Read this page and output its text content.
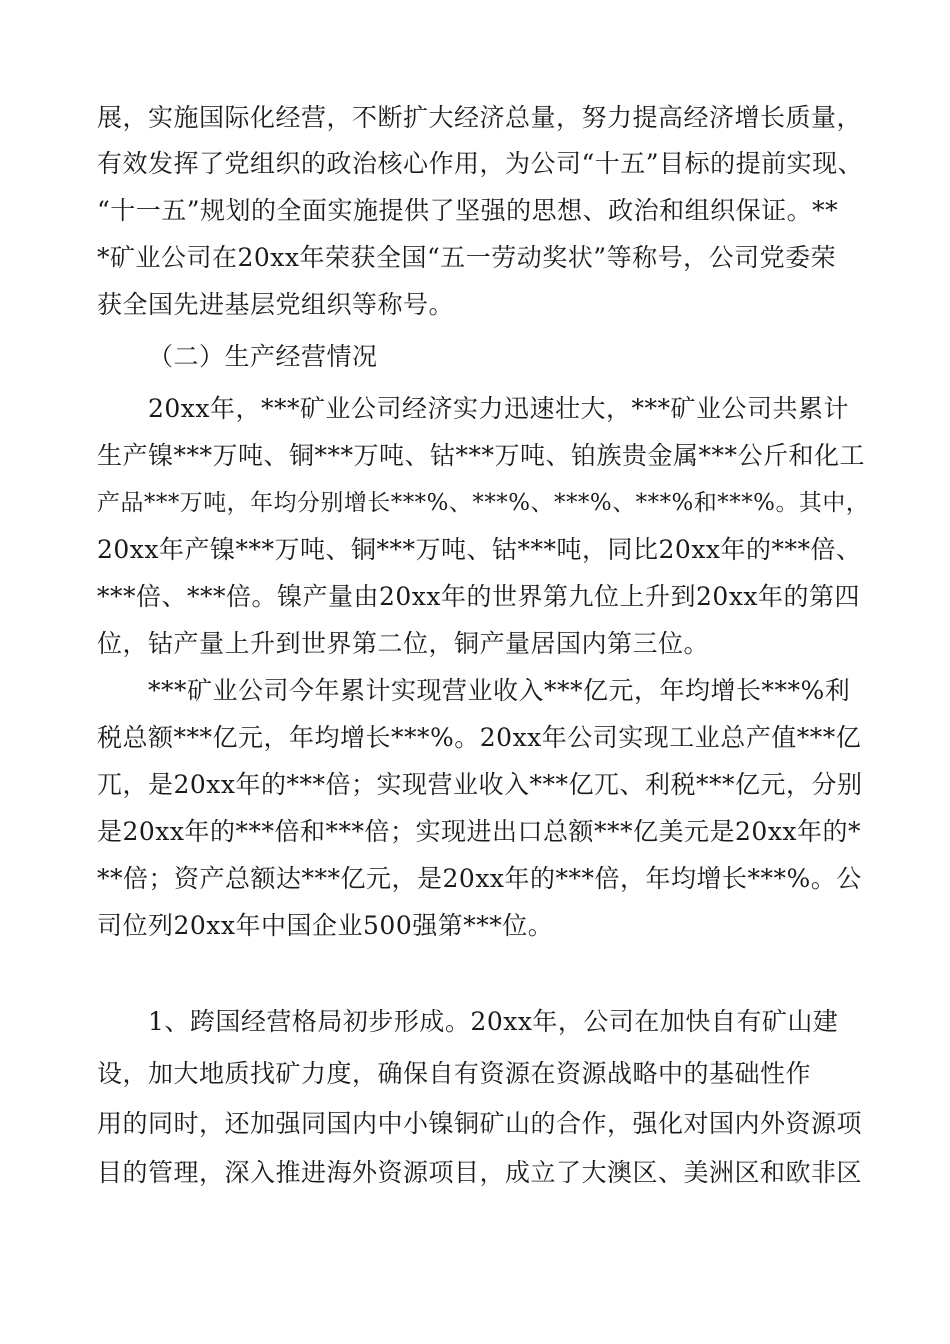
展，实施国际化经营，不断扩大经济总量，努力提高经济增长质量，
有效发挥了党组织的政治核心作用，为公司“十五”目标的提前实现、
“十一五”规划的全面实施提供了坚强的思想、政治和组织保证。**
*矿业公司在20xx年荣获全国“五一劳动奖状”等称号，公司党委荣
获全国先进基层党组织等称号。
（二）生产经营情况
20xx年，***矿业公司经济实力迅速壮大，***矿业公司共累计
生产镍***万吨、铜***万吨、钴***万吨、铂族贵金属***公斤和化工
产品***万吨，年均分别增长***%、***%、***%、***%和***%。其中，
20xx年产镍***万吨、铜***万吨、钴***吨，同比20xx年的***倍、
***倍、***倍。镍产量由20xx年的世界第九位上升到20xx年的第四
位，钴产量上升到世界第二位，铜产量居国内第三位。
***矿业公司今年累计实现营业收入***亿元，年均增长***%利
税总额***亿元，年均增长***%。20xx年公司实现工业总产值***亿
兀，是20xx年的***倍；实现营业收入***亿兀、利税***亿元，分别
是20xx年的***倍和***倍；实现进出口总额***亿美元是20xx年的*
**倍；资产总额达***亿元，是20xx年的***倍，年均增长***%。公
司位列20xx年中国企业500强第***位。
1、跨国经营格局初步形成。20xx年，公司在加快自有矿山建
设，加大地质找矿力度，确保自有资源在资源战略中的基础性作
用的同时，还加强同国内中小镍铜矿山的合作，强化对国内外资源项
目的管理，深入推进海外资源项目，成立了大澳区、美洲区和欧非区
